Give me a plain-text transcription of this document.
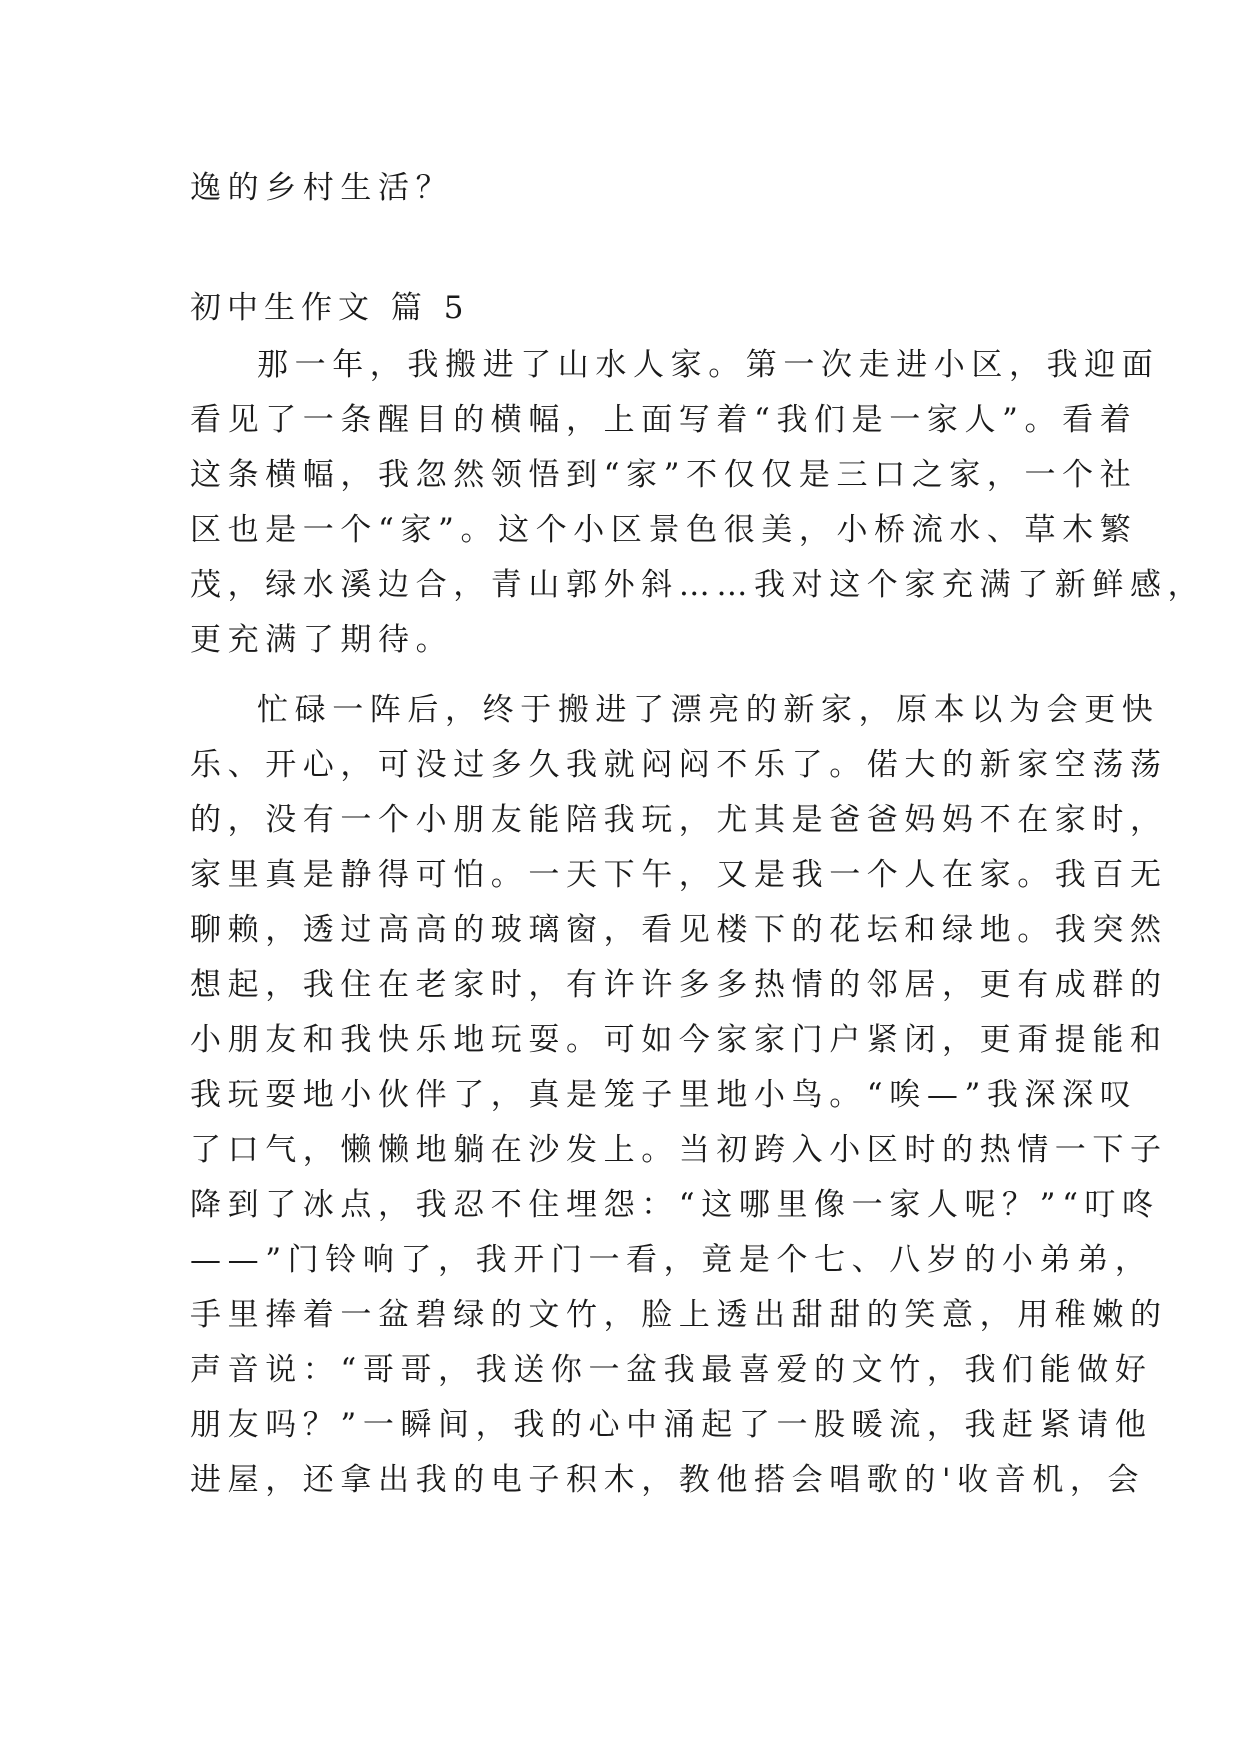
逸的乡村生活？
初中生作文 篇 5
那一年，我搬进了山水人家。第一次走进小区，我迎面
看见了一条醒目的横幅，上面写着“我们是一家人”。看着
这条横幅，我忽然领悟到“家”不仅仅是三口之家，一个社
区也是一个“家”。这个小区景色很美，小桥流水、草木繁
茂，绿水溪边合，青山郭外斜……我对这个家充满了新鲜感，
更充满了期待。
忙碌一阵后，终于搬进了漂亮的新家，原本以为会更快
乐、开心，可没过多久我就闷闷不乐了。偌大的新家空荡荡
的，没有一个小朋友能陪我玩，尤其是爸爸妈妈不在家时，
家里真是静得可怕。一天下午，又是我一个人在家。我百无
聊赖，透过高高的玻璃窗，看见楼下的花坛和绿地。我突然
想起，我住在老家时，有许许多多热情的邻居，更有成群的
小朋友和我快乐地玩耍。可如今家家门户紧闭，更甭提能和
我玩耍地小伙伴了，真是笼子里地小鸟。“唉—”我深深叹
了口气，懒懒地躺在沙发上。当初跨入小区时的热情一下子
降到了冰点，我忍不住埋怨：“这哪里像一家人呢？”“叮咚
——”门铃响了，我开门一看，竟是个七、八岁的小弟弟，
手里捧着一盆碧绿的文竹，脸上透出甜甜的笑意，用稚嫩的
声音说：“哥哥，我送你一盆我最喜爱的文竹，我们能做好
朋友吗？”一瞬间，我的心中涌起了一股暖流，我赶紧请他
进屋，还拿出我的电子积木，教他搭会唱歌的'收音机，会
